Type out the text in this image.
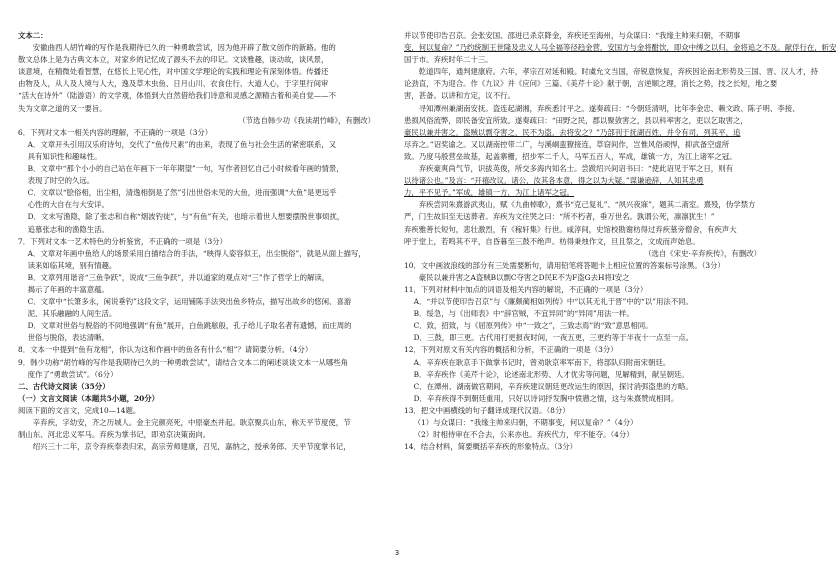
文本二：

　　安徽曲西人胡竹峰的写作是我期待已久的一种勇敢尝试，因为他开辟了散文创作的新路。他的

散文总体上是为古典文本立，对家乡的记忆成了源头不去的印记。文谈雅趣，谈动故，谈风景，

谈意境，在精微处看智慧，在悠长上见心性，对中国文学理论的实践和理论有深刻体悟。传播还

由物及人，从人及人境与人大，逸及草木虫鱼、日月山川、衣食住行、大道人心，于字里行间审

“活大在诗外”（陆游语）的文学观，体悟到大自然借给我们诗意和灵感之源精古着和美自觉——不

失为文章之道的又一要旨。

（节选自韩少功《我读胡竹峰》，有删改）

6．下列对文本一相关内容的理解，不正确的一项是（3分）

A．文章开头引用汉乐府诗句，交代了“鱼传尺素”的由来，表现了鱼与社会生活的紧密联系，又

具有知识性和趣味性。

B．文章中“那个小小的自己站在年画下一年年期望”一句，写作者回忆自己小时候看年画的情景，

表现了时空的久远。

C．文章以“脍俗相，出尘相，清逸相倒是了然”引出世俗未见的大鱼，进而强调“大鱼”是更远乎

心性的大自在与大安详。

D．文末写渔隐，除了张志和自称“烟波钓徒”，与“有鱼”有关，也暗示着世人想要摆脱世事烦扰，

追慕张志和的渔隐生活。

7．下列对文本一艺术特色的分析鉴赏，不正确的一项是（3分）

A．文章对年画中鱼给人的场景采用白描结合的手法，“映得人姿容似王，出尘脱俗”，就是从面上描写，

读来如临其境，别有情趣。

B．文章列用谐音“三鱼争跃”，说成“三鱼争跃”，并以道家的观点对“三”作了哲学上的解读，

揭示了年画的丰富意蕴。

C．文章中“长箫多永，闲说垂钓”这段文字，运用铺陈手法突出鱼乡特点，描写出故乡的悠闲、喜游

泥、其乐融融的人间生活。

D．文章对世俗与脱俗的不同地强调“有鱼”展开，白鱼跳舷般，孔子给儿子取名者有遗憾，而庄周的

世俗与脱俗，表达清晰。

8．文本一中提到“鱼有龙相”，你认为这和作画中的鱼各有什么“相”？请简要分析。（4分）

9．韩少功称“胡竹峰的写作是我期待已久的一种勇敢尝试”，请结合文本二的阐述谈谈文本一从哪些角

度作了“勇敢尝试”。（6分）

二、古代诗文阅读（35分）

（一）文言文阅读（本题共5小题，20分）

阅读下面的文言文，完成10—14题。

　　辛弃疾，字幼安，齐之历城人。金主完颜亮死，中原豪杰并起。耿京聚兵山东，称天平节度使，节

制山东、河北忠义军马。弃疾为掌书记，即劝京决策南向。

　　绍兴三十二年，京令弃疾奉表归宋，高宗劳师建康，召见，嘉纳之，授承务郎、天平节度掌书记，

并以节使印告召京。会张安国、邵进已杀京降金，弃疾还至海州，与众谋曰：“我缘主帅来归朝，不期事

变，何以复命？”乃约统制王世隆及忠义人马全福等径趋金营，安国方与金将酣饮，即众中缚之以归，金将追之不及。献俘行在，斩安

国于市。弃疾时年二十三。

　　乾道四年，通判建康府。六年，孝宗召对延和殿。时虞允文当国，帝锐意恢复，弃疾因论南北形势及三国、晋、汉人才，持

论劲直，不为迎合。作《九议》并《应问》三篇、《美芹十论》献于朝，言逆顺之理，消长之势，技之长短，地之要

害，甚备。以讲和方定，议不行。

　　寻知潭州兼湖南安抚。盗连起湖湘，弃疾悉讨平之。遂奏疏曰：“今朝廷清明，比年李金忠、赖文政、陈子明、李接、

患损风俗流弊，即民备安宜所致。遂奏疏曰：“田野之民，郡以聚敛害之，县以科率害之，吏以乞取害之，

豪民以兼并害之，盗贼以剽夺害之，民不为盗，去将安之？”乃部刊于抚湖百姓，并令有司，列其平，追

尽弃之。”诏奖谕之。又以湖南控带二广，与溪峒蛮獠接连，草窃间作，岂惟风俗顽悍，抑武备空虚所

致。乃度马殷营垒故基，起盖寨栅，招步军二千人，马军五百人，军成，雄镇一方，为江上诸军之冠。

　　弃疾豪爽尚气节，识拔英俊，所交多海内知名士。尝跋绍兴间诏书曰：“使此诏见于军之日，则有

以待诸公也。”及言：“开禧改议，诸公，汝其各本意，得之以为大疑。”谋谦逊辞，人知其忠勇

力，平不见予。”军成，雄镇一方，为江上诸军之冠。

　　弃疾尝同朱熹游武夷山，赋《九曲棹歌》，熹书“克己复礼”、“夙兴夜寐”，题其二斋室。熹殁，伪学禁方

严，门生故旧至无送葬者。弃疾为文往哭之曰：“所不朽者，垂万世名。孰谓公死，凛凛犹生！”

弃疾雅善长短句，悲壮激烈，有《稼轩集》行世。咸淳间，史馆校勘谢枋得过弃疾墓旁僧舍，有疾声大

呼于堂上，若鸣其不平，自昏暮至三鼓不绝声。枋得秉烛作文，旦且祭之，文成而声始息。

（选自《宋史·辛弃疾传》，有删改）

10．文中画波浪线的部分有三处需要断句，请用铅笔将答题卡上相应位置的答案标号涂黑。（3分）

　　豪民以兼并害之A盗贼B以剽C夺害之D民E不为F盗G去H将I安之

11．下列对材料中加点的词语及相关内容的解说，不正确的一项是（3分）

A．“并以节使印告召京”与《廉颇蔺相如列传》中“以其无礼于晋”中的“以”用法不同。

B．绥急，与《出师表》中“辞官贼，不宜异同”的“异同”用法一样。

C．致，招致，与《屈原列传》中“一致之”，三致志焉”的“致”意思相同。

D．三鼓，即三更。古代用打更报夜时间，一夜五更，三更约等于半夜十一点至一点。

12．下列对原文有关内容的概括和分析，不正确的一项是（3分）

A．辛弃疾在耿京手下做掌书记时，曾劝耿京率军南下，将部队归附南宋朝廷。

B．辛弃疾作《美芹十论》，论述南北形势、人才优劣等问题，见解精到，献呈朝廷。

C．在潭州、湖南做官期间，辛弃疾建议朝廷更改运生的原因，探讨消弭盗患的方略。

D．辛弃疾得不到朝廷重用，只好以诗词抒发胸中愤懑之情，这与朱熹赞成相同。

13．把文中画横线的句子翻译成现代汉语。（8分）

（1）与众谋曰：“我缘主帅来归朝，不期事变，何以复命？”（4分）

（2）时相侍审在不合去，公来亦也。弃疾代力，牢不能夺。（4分）

14．结合材料，简要概括辛弃疾的形象特点。（3分）

3
